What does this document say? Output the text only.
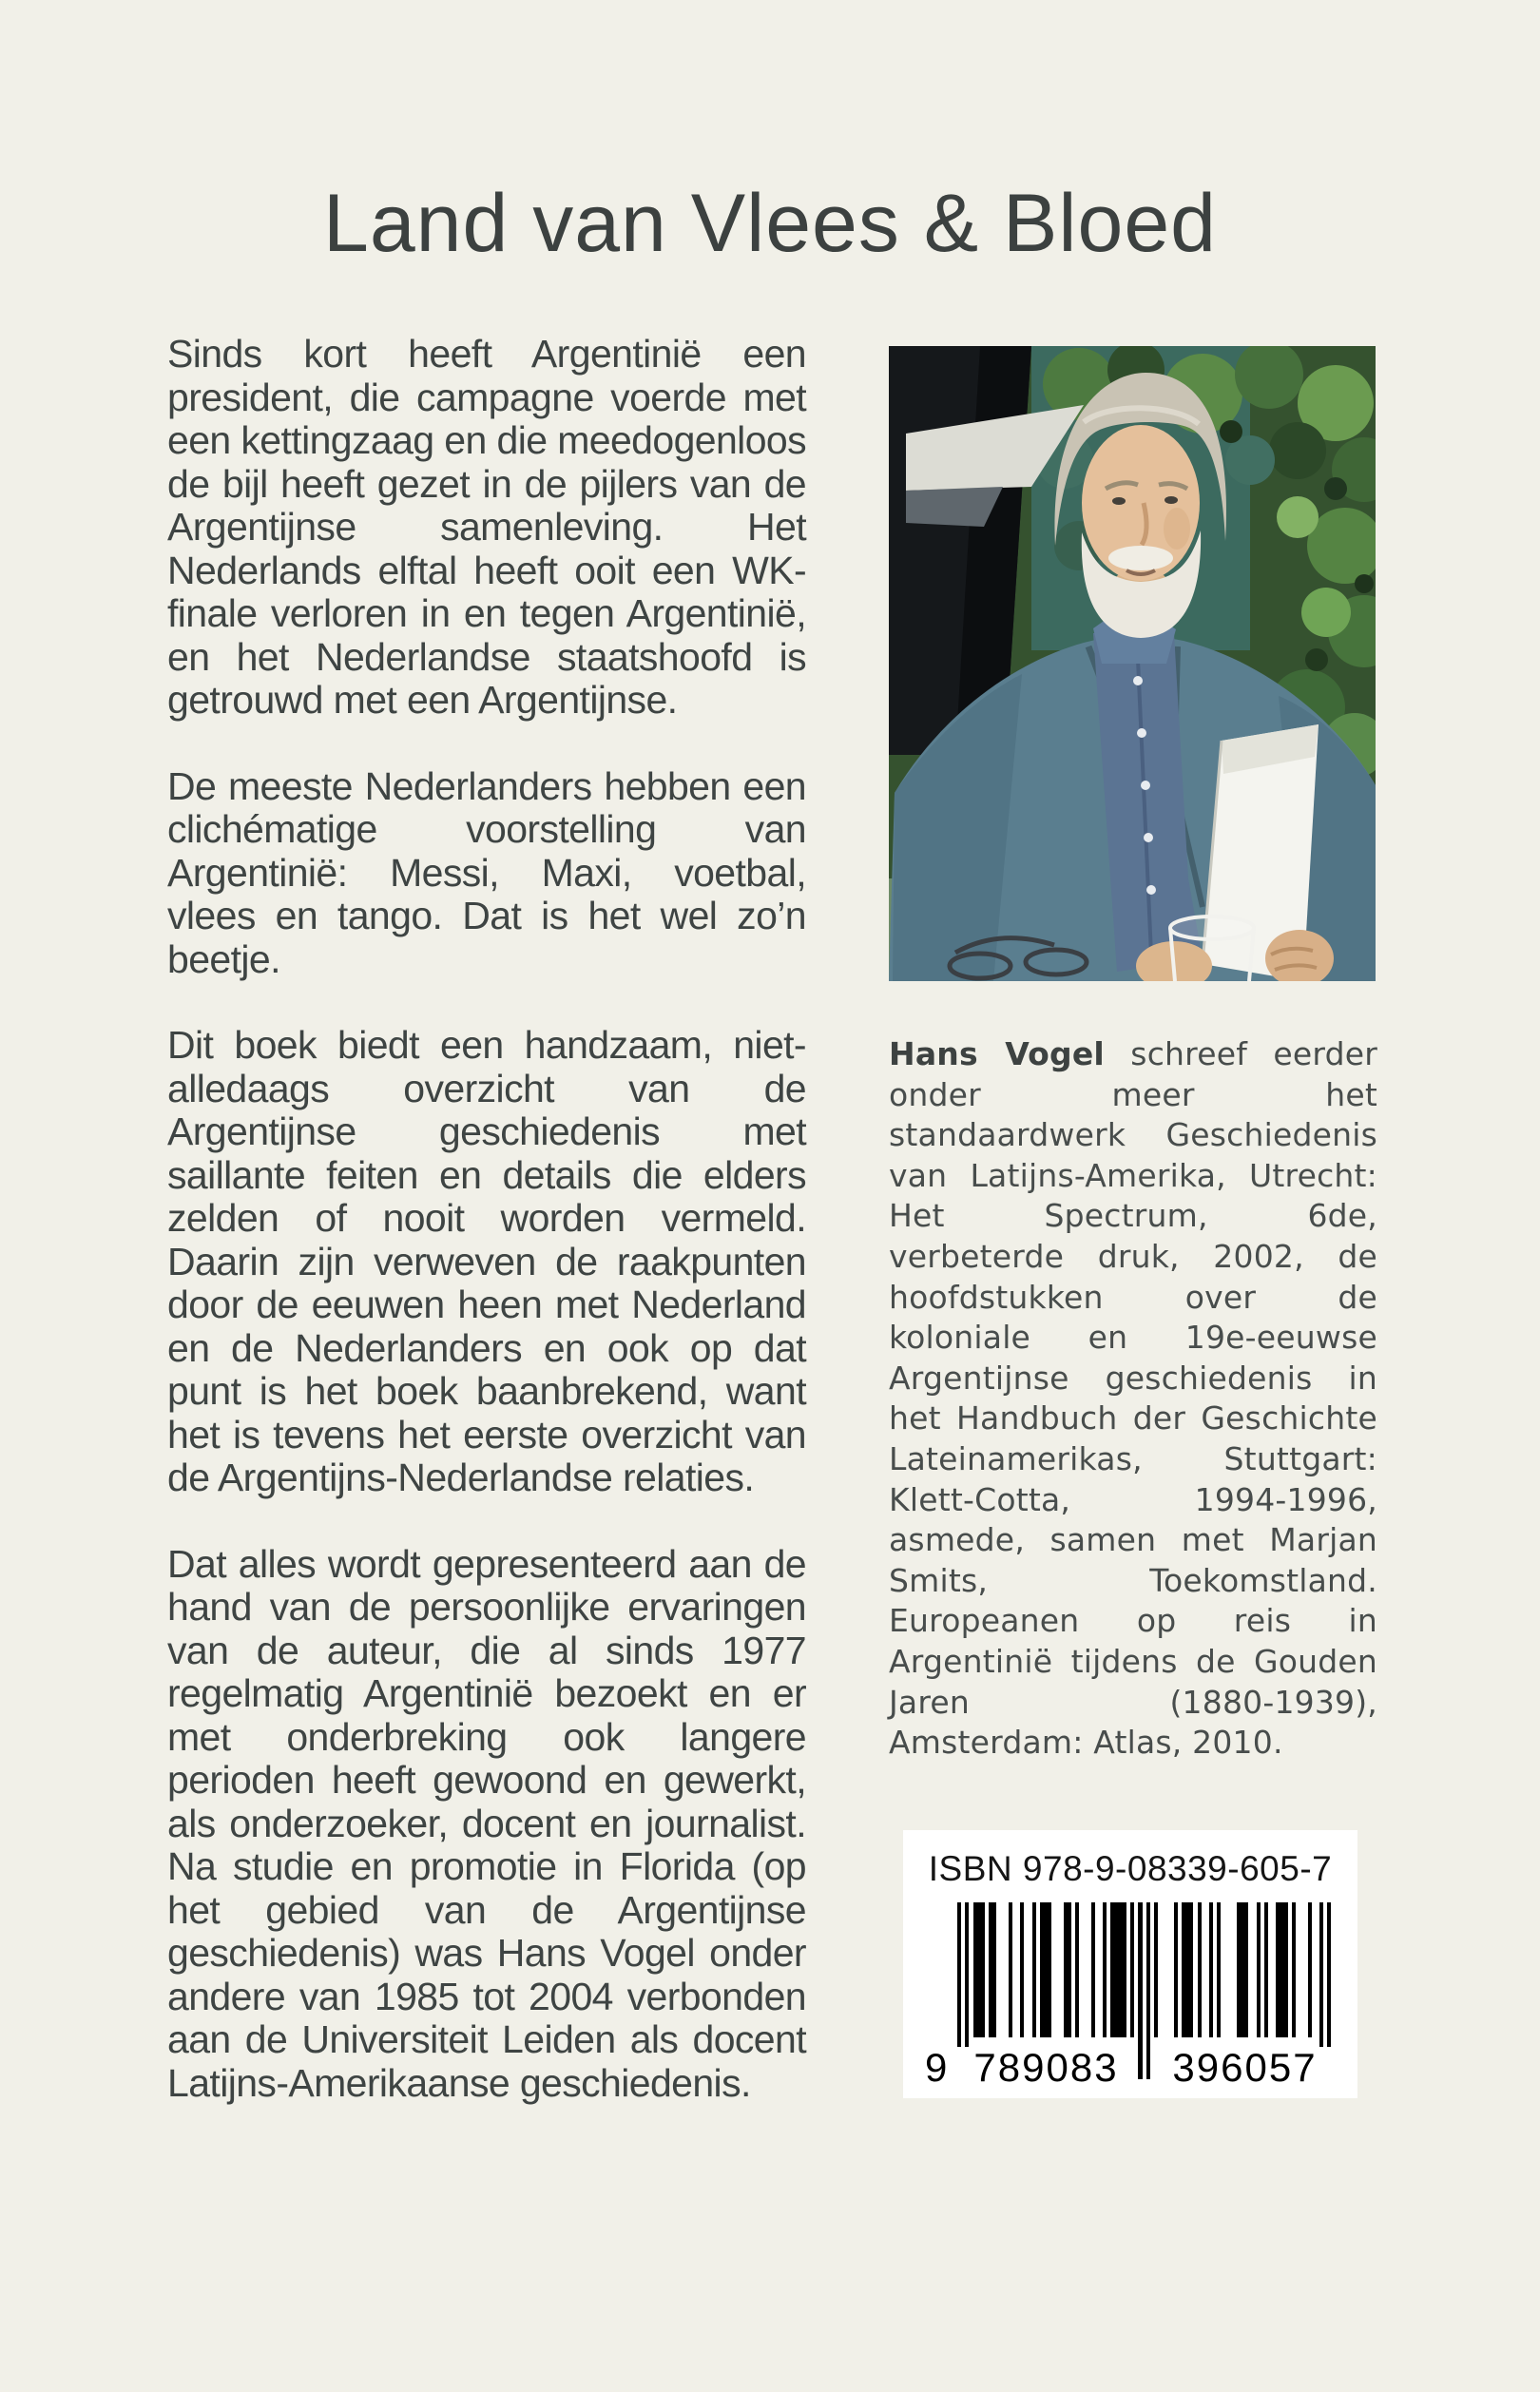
Land van Vlees & Bloed

Sinds kort heeft Argentinië een president, die campagne voerde met een kettingzaag en die meedogenloos de bijl heeft gezet in de pijlers van de Argentijnse samenleving. Het Nederlands elftal heeft ooit een WK-finale verloren in en tegen Argentinië, en het Nederlandse staatshoofd is getrouwd met een Argentijnse.

De meeste Nederlanders hebben een clichématige voorstelling van Argentinië: Messi, Maxi, voetbal, vlees en tango. Dat is het wel zo’n beetje.

Dit boek biedt een handzaam, niet-alledaags overzicht van de Argentijnse geschiedenis met saillante feiten en details die elders zelden of nooit worden vermeld. Daarin zijn verweven de raakpunten door de eeuwen heen met Nederland en de Nederlanders en ook op dat punt is het boek baanbrekend, want het is tevens het eerste overzicht van de Argentijns-Nederlandse relaties.

Dat alles wordt gepresenteerd aan de hand van de persoonlijke ervaringen van de auteur, die al sinds 1977 regelmatig Argentinië bezoekt en er met onderbreking ook langere perioden heeft gewoond en gewerkt, als onderzoeker, docent en journalist. Na studie en promotie in Florida (op het gebied van de Argentijnse geschiedenis) was Hans Vogel onder andere van 1985 tot 2004 verbonden aan de Universiteit Leiden als docent Latijns-Amerikaanse geschiedenis.

Hans Vogel schreef eerder onder meer het standaardwerk Geschiedenis van Latijns-Amerika, Utrecht: Het Spectrum, 6de, verbeterde druk, 2002, de hoofdstukken over de koloniale en 19e-eeuwse Argentijnse geschiedenis in het Handbuch der Geschichte Lateinamerikas, Stuttgart: Klett-Cotta, 1994-1996, asmede, samen met Marjan Smits, Toekomstland. Europeanen op reis in Argentinië tijdens de Gouden Jaren (1880-1939), Amsterdam: Atlas, 2010.
ISBN 978-9-08339-605-7
9 789083	396057
